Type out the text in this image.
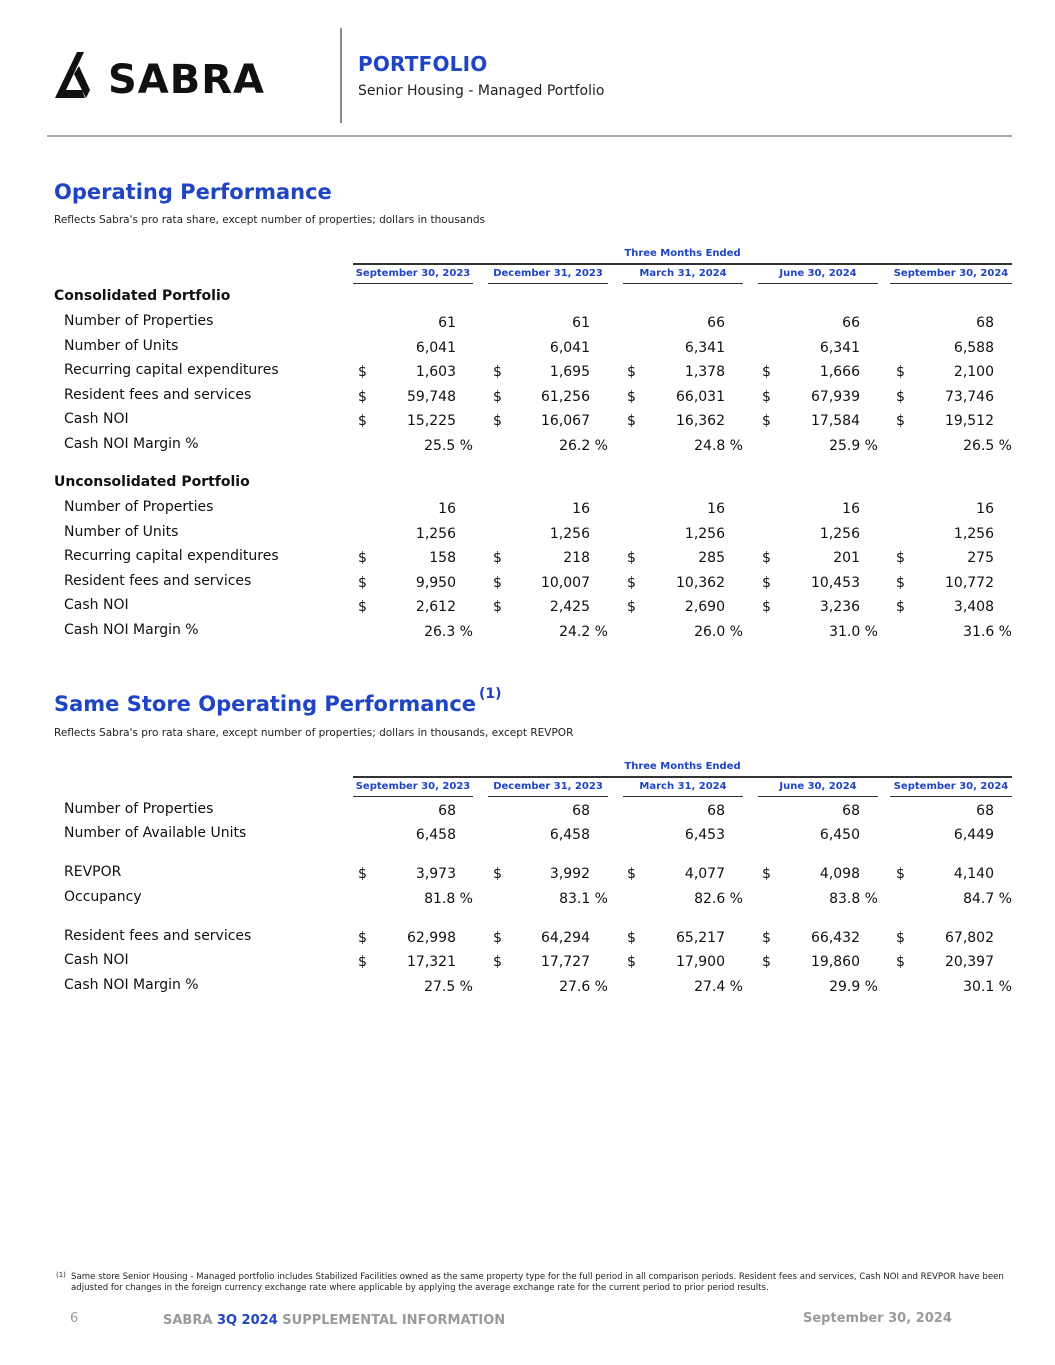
SABRA	PORTFOLIO
Senior Housing - Managed Portfolio
Operating Performance
Reflects Sabra's pro rata share, except number of properties; dollars in thousands
Three Months Ended
September 30, 2023	December 31, 2023	March 31, 2024	June 30, 2024	September 30, 2024
Consolidated Portfolio
Number of Properties	61	61	66	66	68
Number of Units	6,041	6,041	6,341	6,341	6,588
Recurring capital expenditures	$	1,603	$	1,695	$	1,378	$	1,666	$	2,100
Resident fees and services	$	59,748	$	61,256	$	66,031	$	67,939	$	73,746
Cash NOI	$	15,225	$	16,067	$	16,362	$	17,584	$	19,512
Cash NOI Margin %	25.5 %	26.2 %	24.8 %	25.9 %	26.5 %
Unconsolidated Portfolio
Number of Properties	16	16	16	16	16
Number of Units	1,256	1,256	1,256	1,256	1,256
Recurring capital expenditures	$	158	$	218	$	285	$	201	$	275
Resident fees and services	$	9,950	$	10,007	$	10,362	$	10,453	$	10,772
Cash NOI	$	2,612	$	2,425	$	2,690	$	3,236	$	3,408
Cash NOI Margin %	26.3 %	24.2 %	26.0 %	31.0 %	31.6 %
Same Store Operating Performance $^{(1)}$
Reflects Sabra's pro rata share, except number of properties; dollars in thousands, except REVPOR
Three Months Ended
September 30, 2023	December 31, 2023	March 31, 2024	June 30, 2024	September 30, 2024
Number of Properties	68	68	68	68	68
Number of Available Units	6,458	6,458	6,453	6,450	6,449
REVPOR	$	3,973	$	3,992	$	4,077	$	4,098	$	4,140
Occupancy	81.8 %	83.1 %	82.6 %	83.8 %	84.7 %
Resident fees and services	$	62,998	$	64,294	$	65,217	$	66,432	$	67,802
Cash NOI	$	17,321	$	17,727	$	17,900	$	19,860	$	20,397
Cash NOI Margin %	27.5 %	27.6 %	27.4 %	29.9 %	30.1 %
(1) Same store Senior Housing - Managed portfolio includes Stabilized Facilities owned as the same property type for the full period in all comparison periods. Resident fees and services, Cash NOI and REVPOR have been adjusted for changes in the foreign currency exchange rate where applicable by applying the average exchange rate for the current period to prior period results.
6	SABRA 3Q 2024 SUPPLEMENTAL INFORMATION	September 30, 2024
